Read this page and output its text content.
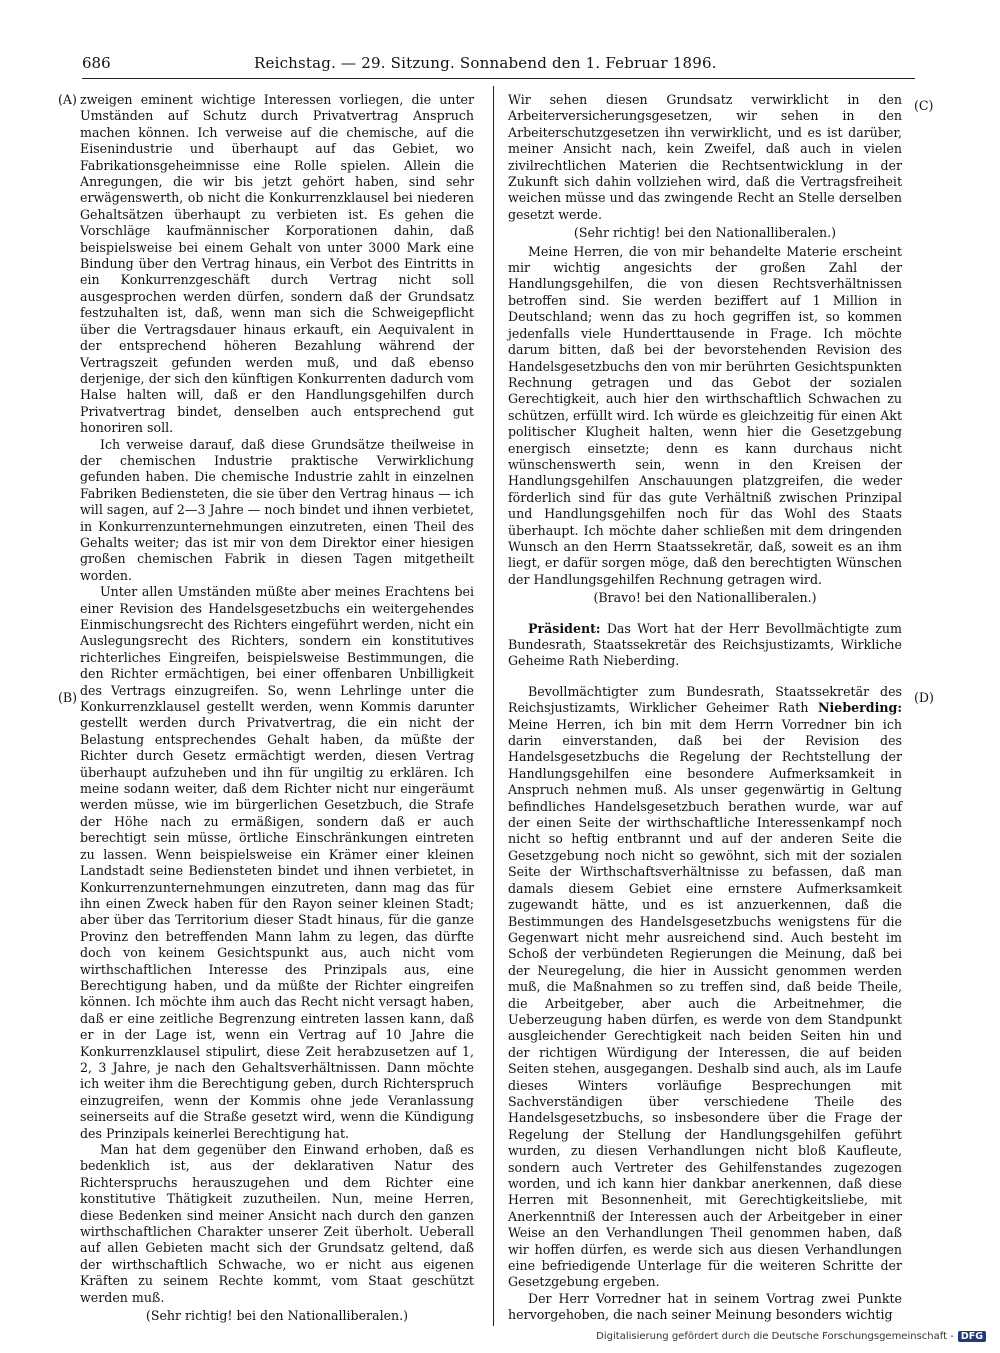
686	Reichstag. — 29. Sitzung. Sonnabend den 1. Februar 1896.
(A)
(B)
(C)
(D)

zweigen eminent wichtige Interessen vorliegen, die unter Umständen auf Schutz durch Privatvertrag Anspruch machen können. Ich verweise auf die chemische, auf die Eisenindustrie und überhaupt auf das Gebiet, wo Fabrikationsgeheimnisse eine Rolle spielen. Allein die Anregungen, die wir bis jetzt gehört haben, sind sehr erwägenswerth, ob nicht die Konkurrenzklausel bei niederen Gehaltsätzen überhaupt zu verbieten ist. Es gehen die Vorschläge kaufmännischer Korporationen dahin, daß beispielsweise bei einem Gehalt von unter 3000 Mark eine Bindung über den Vertrag hinaus, ein Verbot des Eintritts in ein Konkurrenzgeschäft durch Vertrag nicht soll ausgesprochen werden dürfen, sondern daß der Grundsatz festzuhalten ist, daß, wenn man sich die Schweigepflicht über die Vertragsdauer hinaus erkauft, ein Aequivalent in der entsprechend höheren Bezahlung während der Vertragszeit gefunden werden muß, und daß ebenso derjenige, der sich den künftigen Konkurrenten dadurch vom Halse halten will, daß er den Handlungsgehilfen durch Privatvertrag bindet, denselben auch entsprechend gut honoriren soll.

Ich verweise darauf, daß diese Grundsätze theilweise in der chemischen Industrie praktische Verwirklichung gefunden haben. Die chemische Industrie zahlt in einzelnen Fabriken Bediensteten, die sie über den Vertrag hinaus — ich will sagen, auf 2—3 Jahre — noch bindet und ihnen verbietet, in Konkurrenzunternehmungen einzutreten, einen Theil des Gehalts weiter; das ist mir von dem Direktor einer hiesigen großen chemischen Fabrik in diesen Tagen mitgetheilt worden.

Unter allen Umständen müßte aber meines Erachtens bei einer Revision des Handelsgesetzbuchs ein weitergehendes Einmischungsrecht des Richters eingeführt werden, nicht ein Auslegungsrecht des Richters, sondern ein konstitutives richterliches Eingreifen, beispielsweise Bestimmungen, die den Richter ermächtigen, bei einer offenbaren Unbilligkeit des Vertrags einzugreifen. So, wenn Lehrlinge unter die Konkurrenzklausel gestellt werden, wenn Kommis darunter gestellt werden durch Privatvertrag, die ein nicht der Belastung entsprechendes Gehalt haben, da müßte der Richter durch Gesetz ermächtigt werden, diesen Vertrag überhaupt aufzuheben und ihn für ungiltig zu erklären. Ich meine sodann weiter, daß dem Richter nicht nur eingeräumt werden müsse, wie im bürgerlichen Gesetzbuch, die Strafe der Höhe nach zu ermäßigen, sondern daß er auch berechtigt sein müsse, örtliche Einschränkungen eintreten zu lassen. Wenn beispielsweise ein Krämer einer kleinen Landstadt seine Bediensteten bindet und ihnen verbietet, in Konkurrenzunternehmungen einzutreten, dann mag das für ihn einen Zweck haben für den Rayon seiner kleinen Stadt; aber über das Territorium dieser Stadt hinaus, für die ganze Provinz den betreffenden Mann lahm zu legen, das dürfte doch von keinem Gesichtspunkt aus, auch nicht vom wirthschaftlichen Interesse des Prinzipals aus, eine Berechtigung haben, und da müßte der Richter eingreifen können. Ich möchte ihm auch das Recht nicht versagt haben, daß er eine zeitliche Begrenzung eintreten lassen kann, daß er in der Lage ist, wenn ein Vertrag auf 10 Jahre die Konkurrenzklausel stipulirt, diese Zeit herabzusetzen auf 1, 2, 3 Jahre, je nach den Gehaltsverhältnissen. Dann möchte ich weiter ihm die Berechtigung geben, durch Richterspruch einzugreifen, wenn der Kommis ohne jede Veranlassung seinerseits auf die Straße gesetzt wird, wenn die Kündigung des Prinzipals keinerlei Berechtigung hat.

Man hat dem gegenüber den Einwand erhoben, daß es bedenklich ist, aus der deklarativen Natur des Richterspruchs herauszugehen und dem Richter eine konstitutive Thätigkeit zuzutheilen. Nun, meine Herren, diese Bedenken sind meiner Ansicht nach durch den ganzen wirthschaftlichen Charakter unserer Zeit überholt. Ueberall auf allen Gebieten macht sich der Grundsatz geltend, daß der wirthschaftlich Schwache, wo er nicht aus eigenen Kräften zu seinem Rechte kommt, vom Staat geschützt werden muß.

(Sehr richtig! bei den Nationalliberalen.)

Wir sehen diesen Grundsatz verwirklicht in den Arbeiterversicherungsgesetzen, wir sehen in den Arbeiterschutzgesetzen ihn verwirklicht, und es ist darüber, meiner Ansicht nach, kein Zweifel, daß auch in vielen zivilrechtlichen Materien die Rechtsentwicklung in der Zukunft sich dahin vollziehen wird, daß die Vertragsfreiheit weichen müsse und das zwingende Recht an Stelle derselben gesetzt werde.

(Sehr richtig! bei den Nationalliberalen.)

Meine Herren, die von mir behandelte Materie erscheint mir wichtig angesichts der großen Zahl der Handlungsgehilfen, die von diesen Rechtsverhältnissen betroffen sind. Sie werden beziffert auf 1 Million in Deutschland; wenn das zu hoch gegriffen ist, so kommen jedenfalls viele Hunderttausende in Frage. Ich möchte darum bitten, daß bei der bevorstehenden Revision des Handelsgesetzbuchs den von mir berührten Gesichtspunkten Rechnung getragen und das Gebot der sozialen Gerechtigkeit, auch hier den wirthschaftlich Schwachen zu schützen, erfüllt wird. Ich würde es gleichzeitig für einen Akt politischer Klugheit halten, wenn hier die Gesetzgebung energisch einsetzte; denn es kann durchaus nicht wünschenswerth sein, wenn in den Kreisen der Handlungsgehilfen Anschauungen platzgreifen, die weder förderlich sind für das gute Verhältniß zwischen Prinzipal und Handlungsgehilfen noch für das Wohl des Staats überhaupt. Ich möchte daher schließen mit dem dringenden Wunsch an den Herrn Staatssekretär, daß, soweit es an ihm liegt, er dafür sorgen möge, daß den berechtigten Wünschen der Handlungsgehilfen Rechnung getragen wird.

(Bravo! bei den Nationalliberalen.)

Präsident: Das Wort hat der Herr Bevollmächtigte zum Bundesrath, Staatssekretär des Reichsjustizamts, Wirkliche Geheime Rath Nieberding.

Bevollmächtigter zum Bundesrath, Staatssekretär des Reichsjustizamts, Wirklicher Geheimer Rath Nieberding: Meine Herren, ich bin mit dem Herrn Vorredner bin ich darin einverstanden, daß bei der Revision des Handelsgesetzbuchs die Regelung der Rechtstellung der Handlungsgehilfen eine besondere Aufmerksamkeit in Anspruch nehmen muß. Als unser gegenwärtig in Geltung befindliches Handelsgesetzbuch berathen wurde, war auf der einen Seite der wirthschaftliche Interessenkampf noch nicht so heftig entbrannt und auf der anderen Seite die Gesetzgebung noch nicht so gewöhnt, sich mit der sozialen Seite der Wirthschaftsverhältnisse zu befassen, daß man damals diesem Gebiet eine ernstere Aufmerksamkeit zugewandt hätte, und es ist anzuerkennen, daß die Bestimmungen des Handelsgesetzbuchs wenigstens für die Gegenwart nicht mehr ausreichend sind. Auch besteht im Schoß der verbündeten Regierungen die Meinung, daß bei der Neuregelung, die hier in Aussicht genommen werden muß, die Maßnahmen so zu treffen sind, daß beide Theile, die Arbeitgeber, aber auch die Arbeitnehmer, die Ueberzeugung haben dürfen, es werde von dem Standpunkt ausgleichender Gerechtigkeit nach beiden Seiten hin und der richtigen Würdigung der Interessen, die auf beiden Seiten stehen, ausgegangen. Deshalb sind auch, als im Laufe dieses Winters vorläufige Besprechungen mit Sachverständigen über verschiedene Theile des Handelsgesetzbuchs, so insbesondere über die Frage der Regelung der Stellung der Handlungsgehilfen geführt wurden, zu diesen Verhandlungen nicht bloß Kaufleute, sondern auch Vertreter des Gehilfenstandes zugezogen worden, und ich kann hier dankbar anerkennen, daß diese Herren mit Besonnenheit, mit Gerechtigkeitsliebe, mit Anerkenntniß der Interessen auch der Arbeitgeber in einer Weise an den Verhandlungen Theil genommen haben, daß wir hoffen dürfen, es werde sich aus diesen Verhandlungen eine befriedigende Unterlage für die weiteren Schritte der Gesetzgebung ergeben.

Der Herr Vorredner hat in seinem Vortrag zwei Punkte hervorgehoben, die nach seiner Meinung besonders wichtig

Digitalisierung gefördert durch die Deutsche Forschungsgemeinschaft - DFG
